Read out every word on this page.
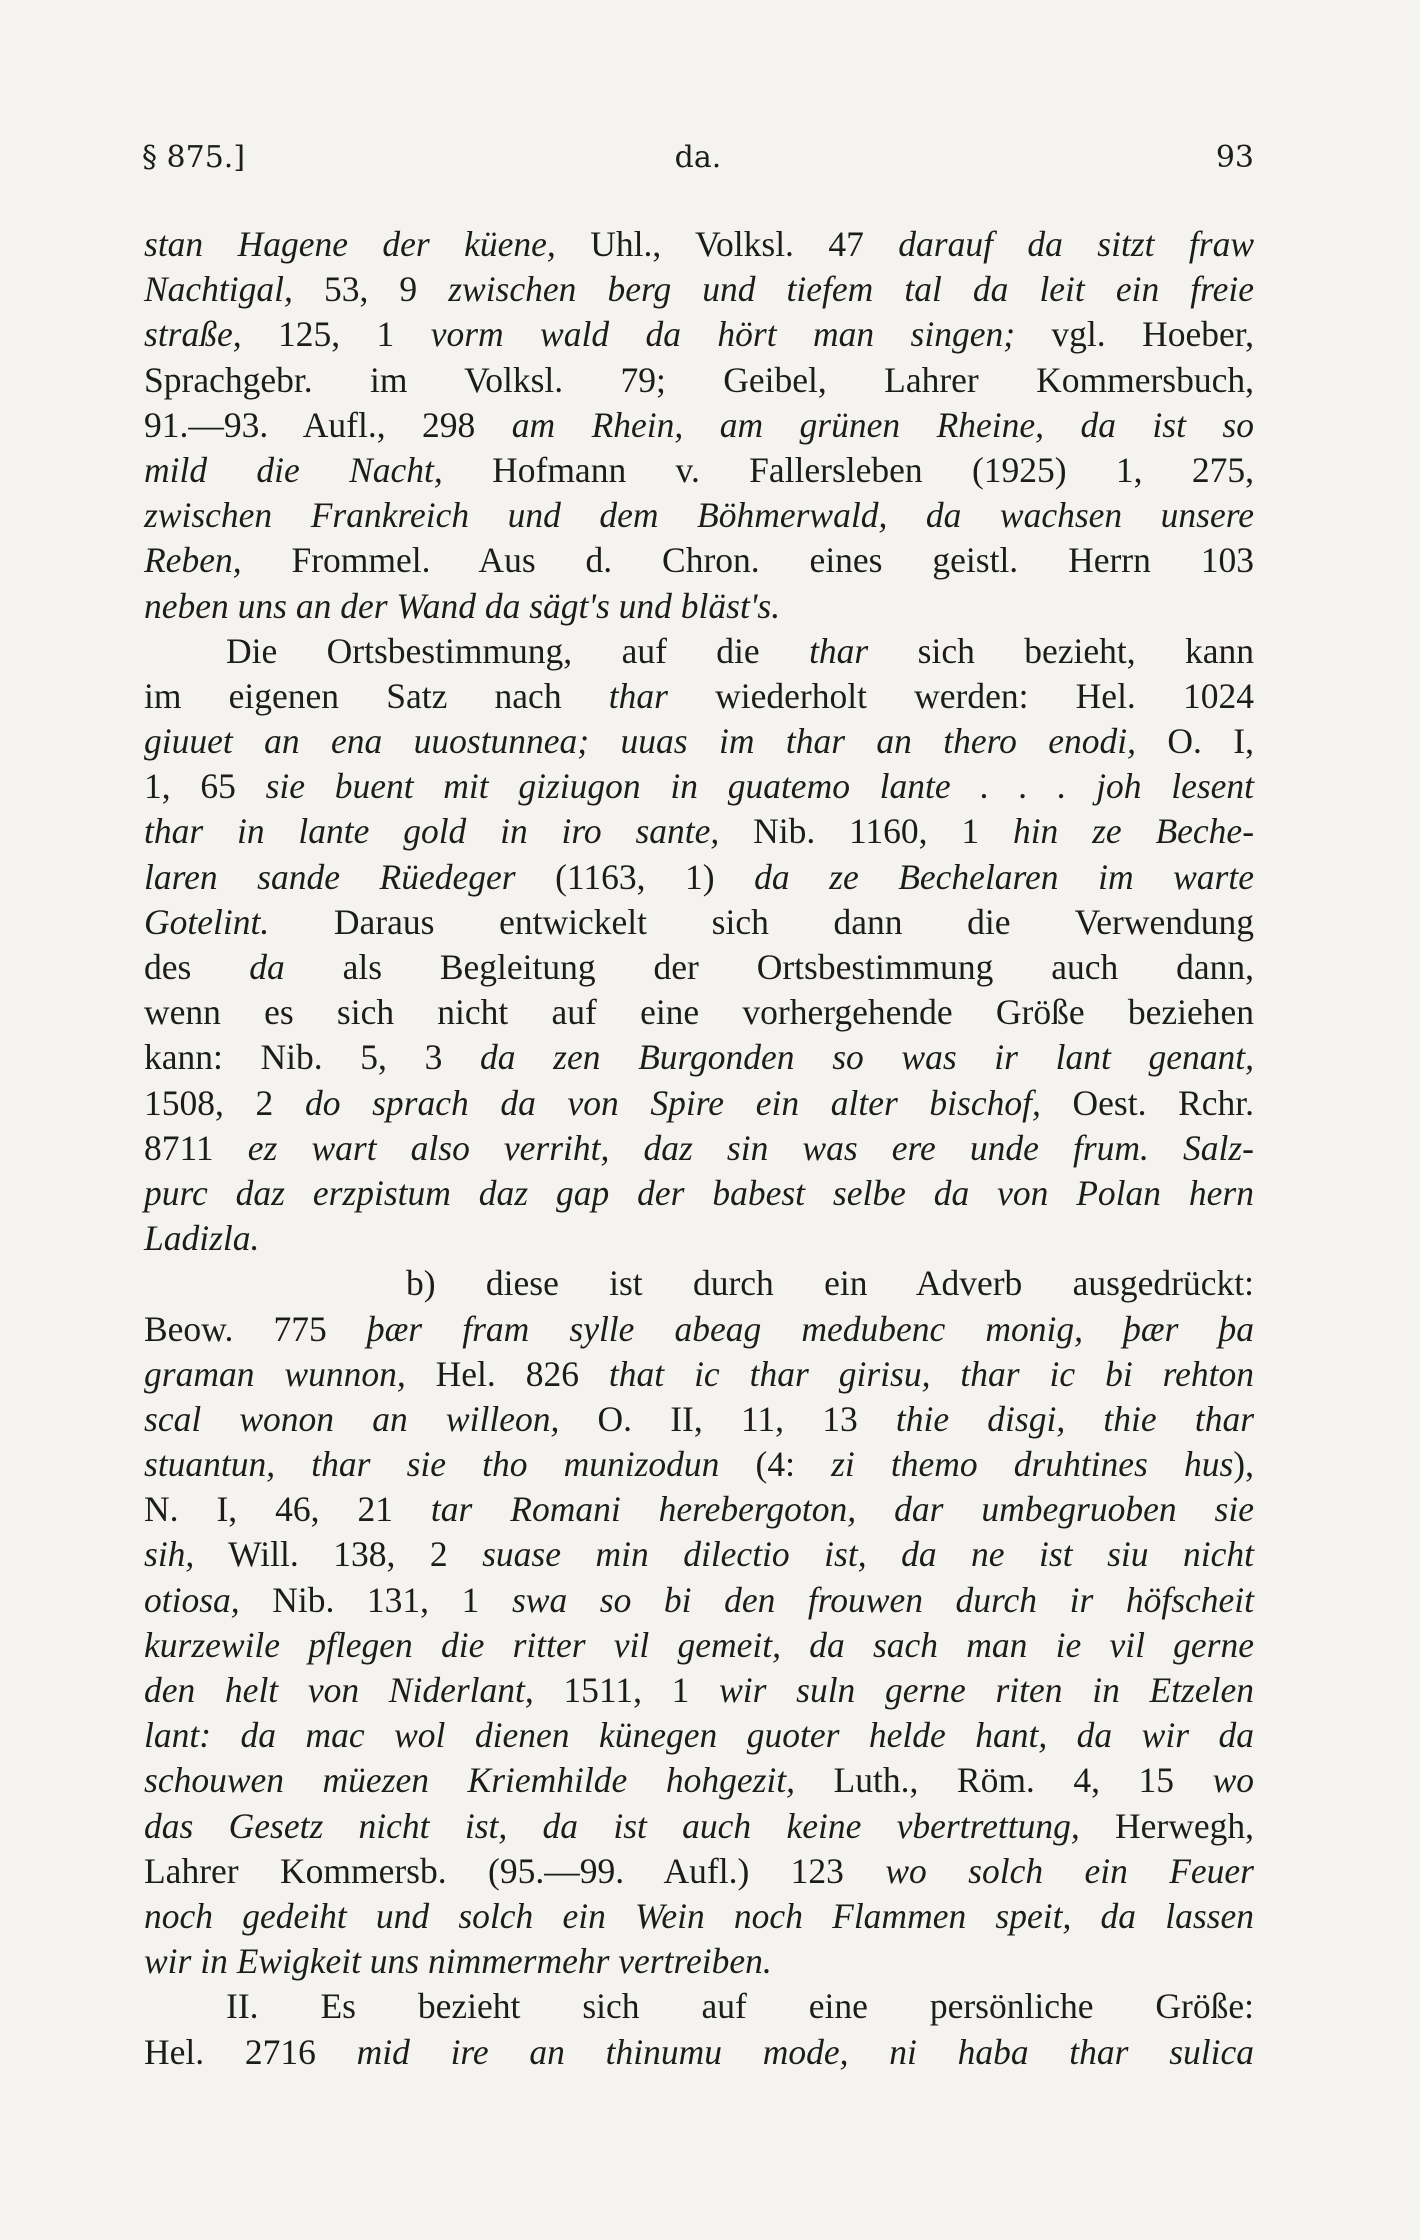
§ 875.]	da.	93
stan Hagene der küene, Uhl., Volksl. 47 darauf da sitzt fraw
Nachtigal, 53, 9 zwischen berg und tiefem tal da leit ein freie
straße, 125, 1 vorm wald da hört man singen; vgl. Hoeber,
Sprachgebr. im Volksl. 79; Geibel, Lahrer Kommersbuch,
91.—93. Aufl., 298 am Rhein, am grünen Rheine, da ist so
mild die Nacht, Hofmann v. Fallersleben (1925) 1, 275,
zwischen Frankreich und dem Böhmerwald, da wachsen unsere
Reben, Frommel. Aus d. Chron. eines geistl. Herrn 103
neben uns an der Wand da sägt's und bläst's.
Die Ortsbestimmung, auf die thar sich bezieht, kann
im eigenen Satz nach thar wiederholt werden: Hel. 1024
giuuet an ena uuostunnea; uuas im thar an thero enodi, O. I,
1, 65 sie buent mit giziugon in guatemo lante . . . joh lesent
thar in lante gold in iro sante, Nib. 1160, 1 hin ze Beche-
laren sande Rüedeger (1163, 1) da ze Bechelaren im warte
Gotelint. Daraus entwickelt sich dann die Verwendung
des da als Begleitung der Ortsbestimmung auch dann,
wenn es sich nicht auf eine vorhergehende Größe beziehen
kann: Nib. 5, 3 da zen Burgonden so was ir lant genant,
1508, 2 do sprach da von Spire ein alter bischof, Oest. Rchr.
8711 ez wart also verriht, daz sin was ere unde frum. Salz-
purc daz erzpistum daz gap der babest selbe da von Polan hern
Ladizla.
b) diese ist durch ein Adverb ausgedrückt:
Beow. 775 þær fram sylle abeag medubenc monig, þær þa
graman wunnon, Hel. 826 that ic thar girisu, thar ic bi rehton
scal wonon an willeon, O. II, 11, 13 thie disgi, thie thar
stuantun, thar sie tho munizodun (4: zi themo druhtines hus),
N. I, 46, 21 tar Romani herebergoton, dar umbegruoben sie
sih, Will. 138, 2 suase min dilectio ist, da ne ist siu nicht
otiosa, Nib. 131, 1 swa so bi den frouwen durch ir höfscheit
kurzewile pflegen die ritter vil gemeit, da sach man ie vil gerne
den helt von Niderlant, 1511, 1 wir suln gerne riten in Etzelen
lant: da mac wol dienen künegen guoter helde hant, da wir da
schouwen müezen Kriemhilde hohgezit, Luth., Röm. 4, 15 wo
das Gesetz nicht ist, da ist auch keine vbertrettung, Herwegh,
Lahrer Kommersb. (95.—99. Aufl.) 123 wo solch ein Feuer
noch gedeiht und solch ein Wein noch Flammen speit, da lassen
wir in Ewigkeit uns nimmermehr vertreiben.
II. Es bezieht sich auf eine persönliche Größe:
Hel. 2716 mid ire an thinumu mode, ni haba thar sulica
